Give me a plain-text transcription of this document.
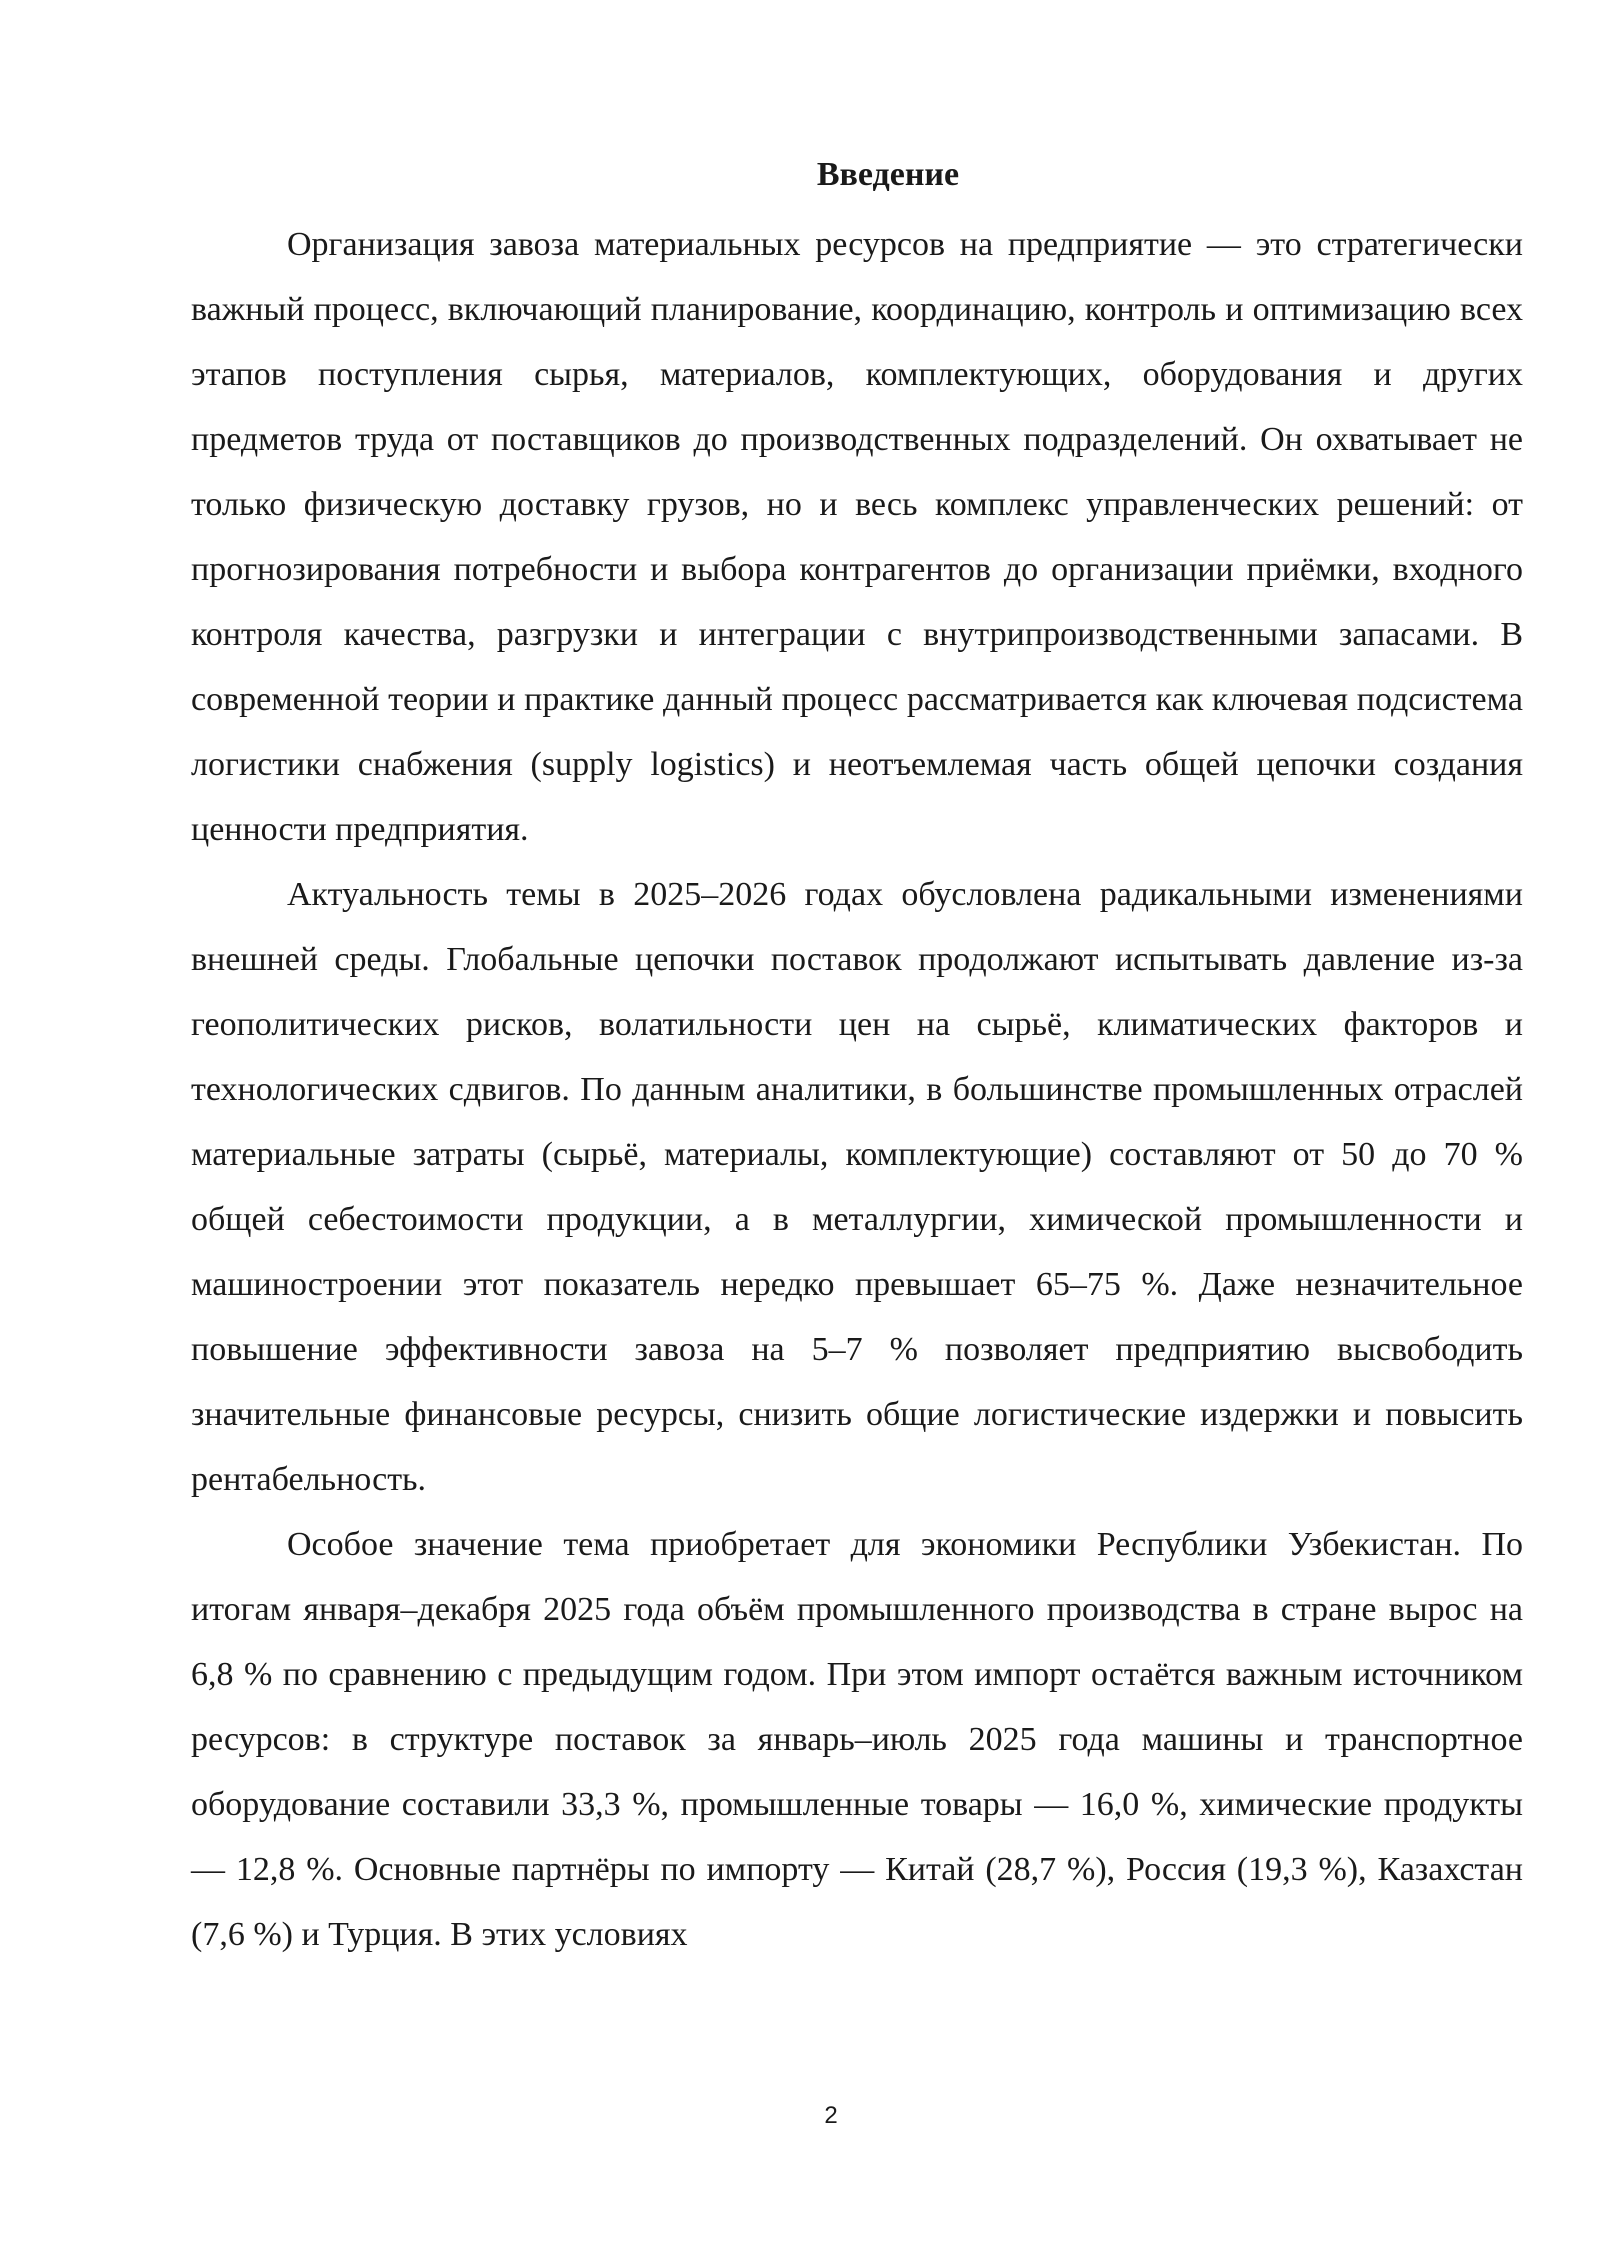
Введение

Организация завоза материальных ресурсов на предприятие — это стратегически важный процесс, включающий планирование, координацию, контроль и оптимизацию всех этапов поступления сырья, материалов, комплектующих, оборудования и других предметов труда от поставщиков до производственных подразделений. Он охватывает не только физическую доставку грузов, но и весь комплекс управленческих решений: от прогнозирования потребности и выбора контрагентов до организации приёмки, входного контроля качества, разгрузки и интеграции с внутрипроизводственными запасами. В современной теории и практике данный процесс рассматривается как ключевая подсистема логистики снабжения (supply logistics) и неотъемлемая часть общей цепочки создания ценности предприятия.

Актуальность темы в 2025–2026 годах обусловлена радикальными изменениями внешней среды. Глобальные цепочки поставок продолжают испытывать давление из-за геополитических рисков, волатильности цен на сырьё, климатических факторов и технологических сдвигов. По данным аналитики, в большинстве промышленных отраслей материальные затраты (сырьё, материалы, комплектующие) составляют от 50 до 70 % общей себестоимости продукции, а в металлургии, химической промышленности и машиностроении этот показатель нередко превышает 65–75 %. Даже незначительное повышение эффективности завоза на 5–7 % позволяет предприятию высвободить значительные финансовые ресурсы, снизить общие логистические издержки и повысить рентабельность.

Особое значение тема приобретает для экономики Республики Узбекистан. По итогам января–декабря 2025 года объём промышленного производства в стране вырос на 6,8 % по сравнению с предыдущим годом. При этом импорт остаётся важным источником ресурсов: в структуре поставок за январь–июль 2025 года машины и транспортное оборудование составили 33,3 %, промышленные товары — 16,0 %, химические продукты — 12,8 %. Основные партнёры по импорту — Китай (28,7 %), Россия (19,3 %), Казахстан (7,6 %) и Турция. В этих условиях

2
